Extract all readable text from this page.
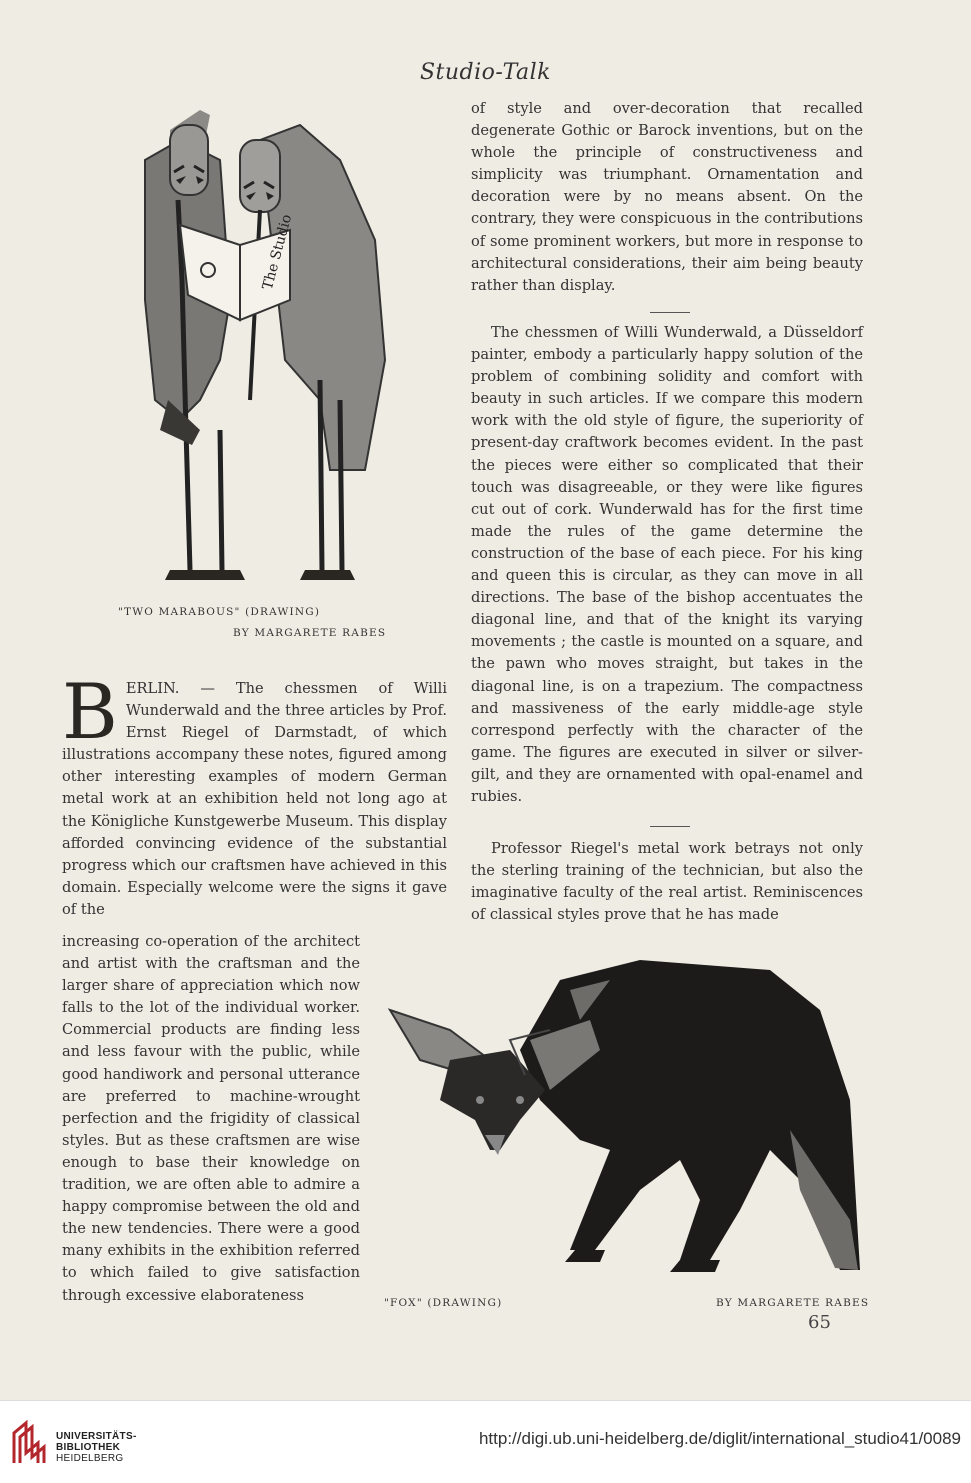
Studio-Talk
The Studio
"TWO MARABOUS" (DRAWING)
BY MARGARETE RABES

of style and over-decoration that recalled degenerate Gothic or Barock inventions, but on the whole the principle of constructiveness and simplicity was triumphant. Ornamentation and decoration were by no means absent. On the contrary, they were conspicuous in the contributions of some prominent workers, but more in response to architectural considerations, their aim being beauty rather than display.

The chessmen of Willi Wunderwald, a Düsseldorf painter, embody a particularly happy solution of the problem of combining solidity and comfort with beauty in such articles. If we compare this modern work with the old style of figure, the superiority of present-day craftwork becomes evident. In the past the pieces were either so complicated that their touch was disagreeable, or they were like figures cut out of cork. Wunderwald has for the first time made the rules of the game determine the construction of the base of each piece. For his king and queen this is circular, as they can move in all directions. The base of the bishop accentuates the diagonal line, and that of the knight its varying movements ; the castle is mounted on a square, and the pawn who moves straight, but takes in the diagonal line, is on a trapezium. The compactness and massiveness of the early middle-age style correspond perfectly with the character of the game. The figures are executed in silver or silver-gilt, and they are ornamented with opal-enamel and rubies.

Professor Riegel's metal work betrays not only the sterling training of the technician, but also the imaginative faculty of the real artist. Reminiscences of classical styles prove that he has made

BERLIN. — The chessmen of Willi Wunderwald and the three articles by Prof. Ernst Riegel of Darmstadt, of which illustrations accompany these notes, figured among other interesting examples of modern German metal work at an exhibition held not long ago at the Königliche Kunstgewerbe Museum. This display afforded convincing evidence of the substantial progress which our craftsmen have achieved in this domain. Especially welcome were the signs it gave of the

increasing co-operation of the architect and artist with the craftsman and the larger share of appreciation which now falls to the lot of the individual worker. Commercial products are finding less and less favour with the public, while good handiwork and personal utterance are preferred to machine-wrought perfection and the frigidity of classical styles. But as these craftsmen are wise enough to base their knowledge on tradition, we are often able to admire a happy compromise between the old and the new tendencies. There were a good many exhibits in the exhibition referred to which failed to give satisfaction through excessive elaborateness	"FOX" (DRAWING)	BY MARGARETE RABES
65
UNIVERSITÄTS-
BIBLIOTHEK
HEIDELBERG
http://digi.ub.uni-heidelberg.de/diglit/international_studio41/0089
